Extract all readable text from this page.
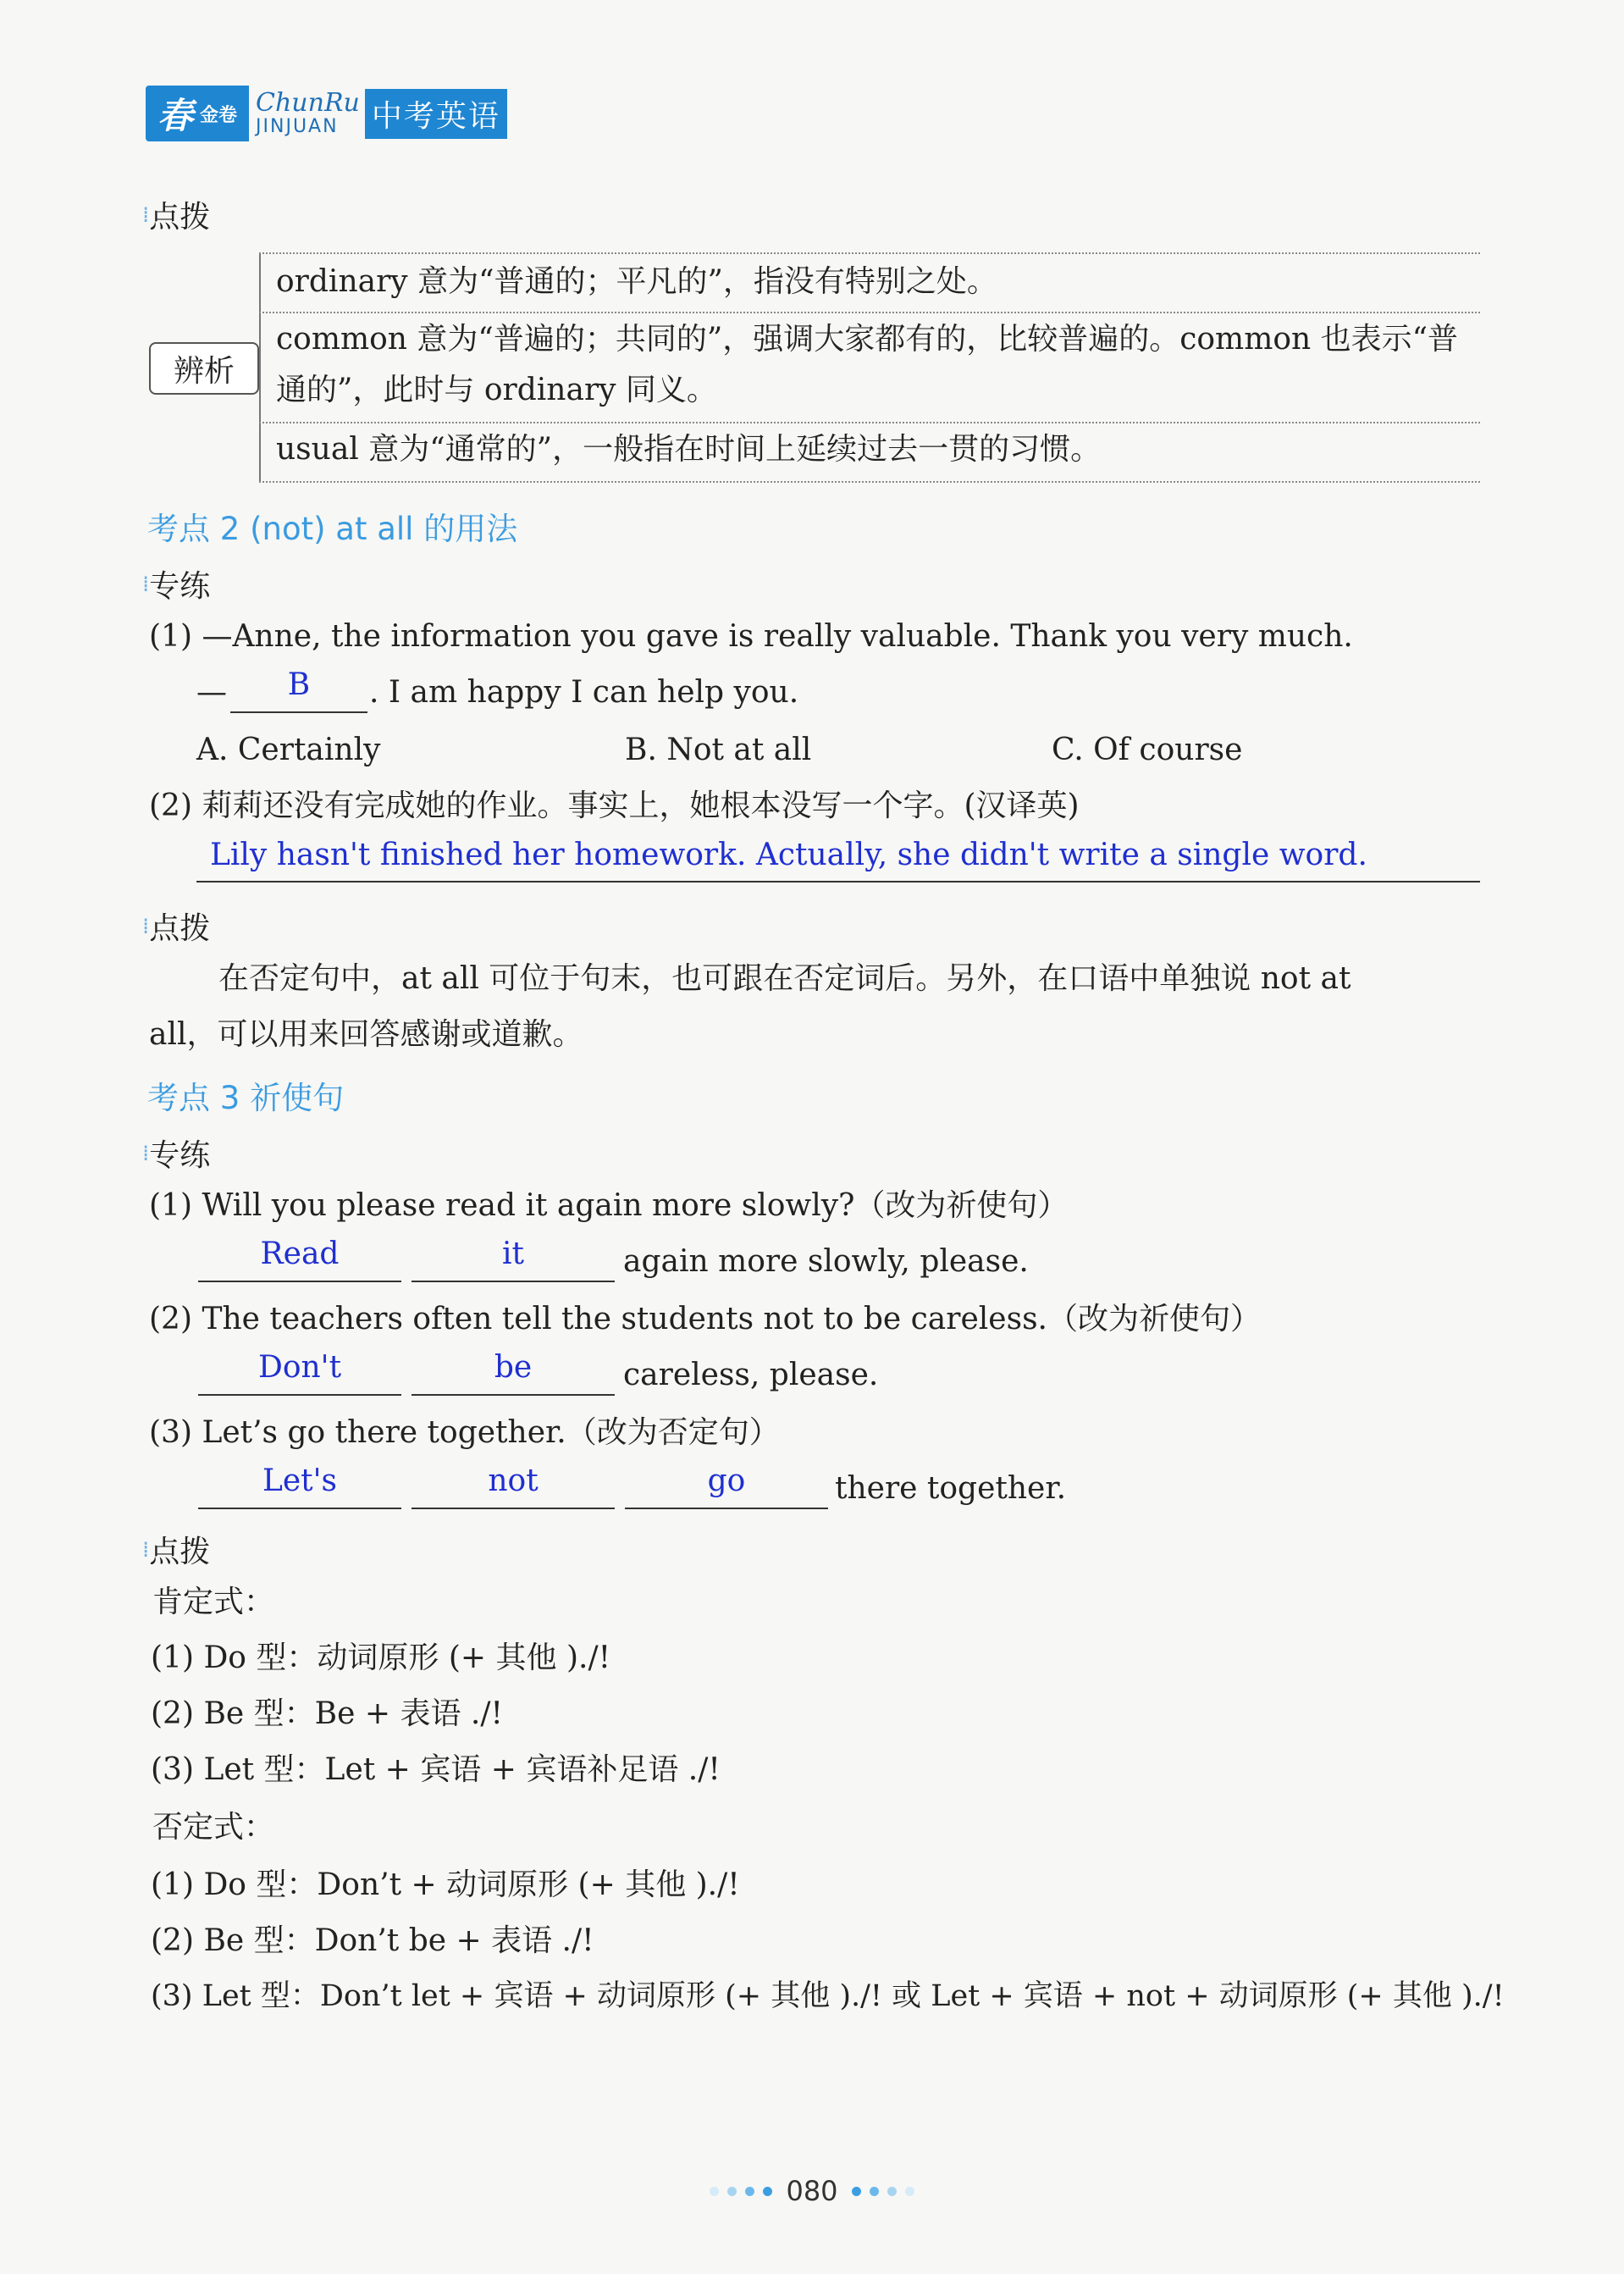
春 金卷 ChunRu
JINJUAN	中考英语
⁞ 点拨
辨析
ordinary 意为“普通的；平凡的”，指没有特别之处。
common 意为“普遍的；共同的”，强调大家都有的，比较普遍的。common 也表示“普
通的”，此时与 ordinary 同义。
usual 意为“通常的”，一般指在时间上延续过去一贯的习惯。
考点 2 (not) at all 的用法
⁞ 专练
(1) —Anne, the information you gave is really valuable. Thank you very much.
—	B	. I am happy I can help you.
A. Certainly	B. Not at all	C. Of course
(2) 莉莉还没有完成她的作业。事实上，她根本没写一个字。(汉译英)
Lily hasn't finished her homework. Actually, she didn't write a single word.
⁞ 点拨
在否定句中，at all 可位于句末，也可跟在否定词后。另外，在口语中单独说 not at
all，可以用来回答感谢或道歉。
考点 3 祈使句
⁞ 专练
(1) Will you please read it again more slowly?（改为祈使句）
Read	it	again more slowly, please.
(2) The teachers often tell the students not to be careless.（改为祈使句）
Don't	be	careless, please.
(3) Let’s go there together.（改为否定句）
Let's	not	go	there together.
⁞ 点拨
肯定式：
(1) Do 型：动词原形 (+ 其他 )./!
(2) Be 型：Be + 表语 ./!
(3) Let 型：Let + 宾语 + 宾语补足语 ./!
否定式：
(1) Do 型：Don’t + 动词原形 (+ 其他 )./!
(2) Be 型：Don’t be + 表语 ./!
(3) Let 型：Don’t let + 宾语 + 动词原形 (+ 其他 )./! 或 Let + 宾语 + not + 动词原形 (+ 其他 )./!
080
